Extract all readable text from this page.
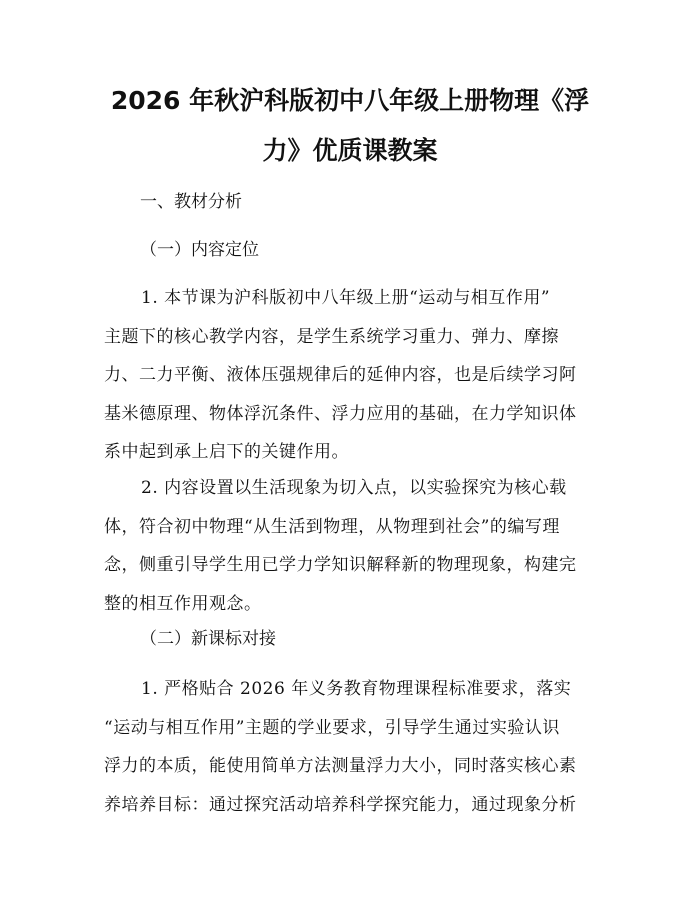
2026 年秋沪科版初中八年级上册物理《浮
力》优质课教案
一、教材分析
（一）内容定位
1. 本节课为沪科版初中八年级上册“运动与相互作用”
主题下的核心教学内容，是学生系统学习重力、弹力、摩擦
力、二力平衡、液体压强规律后的延伸内容，也是后续学习阿
基米德原理、物体浮沉条件、浮力应用的基础，在力学知识体
系中起到承上启下的关键作用。
2. 内容设置以生活现象为切入点，以实验探究为核心载
体，符合初中物理“从生活到物理，从物理到社会”的编写理
念，侧重引导学生用已学力学知识解释新的物理现象，构建完
整的相互作用观念。
（二）新课标对接
1. 严格贴合 2026 年义务教育物理课程标准要求，落实
“运动与相互作用”主题的学业要求，引导学生通过实验认识
浮力的本质，能使用简单方法测量浮力大小，同时落实核心素
养培养目标：通过探究活动培养科学探究能力，通过现象分析
